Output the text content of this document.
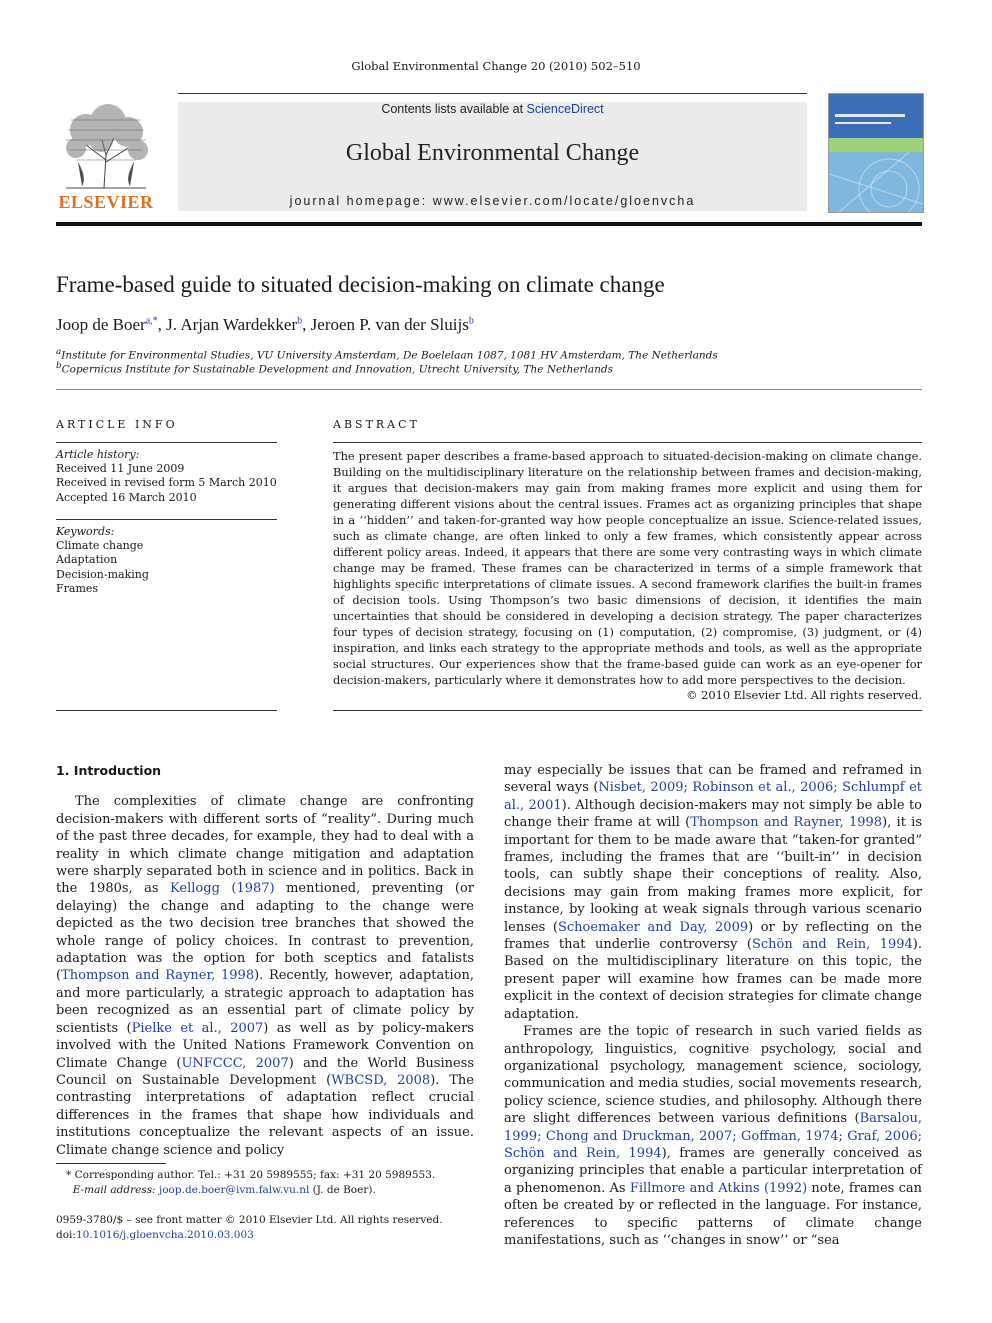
Global Environmental Change 20 (2010) 502–510
ELSEVIER
Contents lists available at ScienceDirect
Global Environmental Change
journal homepage: www.elsevier.com/locate/gloenvcha
Frame-based guide to situated decision-making on climate change
Joop de Boer$^{a,*}$, J. Arjan Wardekker$^b$, Jeroen P. van der Sluijs$^b$
$^a$Institute for Environmental Studies, VU University Amsterdam, De Boelelaan 1087, 1081 HV Amsterdam, The Netherlands
$^b$Copernicus Institute for Sustainable Development and Innovation, Utrecht University, The Netherlands
ARTICLE INFO	ABSTRACT
Article history:
Received 11 June 2009
Received in revised form 5 March 2010
Accepted 16 March 2010
Keywords:
Climate change
Adaptation
Decision-making
Frames
The present paper describes a frame-based approach to situated-decision-making on climate change. Building on the multidisciplinary literature on the relationship between frames and decision-making, it argues that decision-makers may gain from making frames more explicit and using them for generating different visions about the central issues. Frames act as organizing principles that shape in a ‘‘hidden’’ and taken-for-granted way how people conceptualize an issue. Science-related issues, such as climate change, are often linked to only a few frames, which consistently appear across different policy areas. Indeed, it appears that there are some very contrasting ways in which climate change may be framed. These frames can be characterized in terms of a simple framework that highlights specific interpretations of climate issues. A second framework clarifies the built-in frames of decision tools. Using Thompson’s two basic dimensions of decision, it identifies the main uncertainties that should be considered in developing a decision strategy. The paper characterizes four types of decision strategy, focusing on (1) computation, (2) compromise, (3) judgment, or (4) inspiration, and links each strategy to the appropriate methods and tools, as well as the appropriate social structures. Our experiences show that the frame-based guide can work as an eye-opener for decision-makers, particularly where it demonstrates how to add more perspectives to the decision.
© 2010 Elsevier Ltd. All rights reserved.
1. Introduction

The complexities of climate change are confronting decision-makers with different sorts of “reality”. During much of the past three decades, for example, they had to deal with a reality in which climate change mitigation and adaptation were sharply separated both in science and in politics. Back in the 1980s, as Kellogg (1987) mentioned, preventing (or delaying) the change and adapting to the change were depicted as the two decision tree branches that showed the whole range of policy choices. In contrast to prevention, adaptation was the option for both sceptics and fatalists (Thompson and Rayner, 1998). Recently, however, adaptation, and more particularly, a strategic approach to adaptation has been recognized as an essential part of climate policy by scientists (Pielke et al., 2007) as well as by policy-makers involved with the United Nations Framework Convention on Climate Change (UNFCCC, 2007) and the World Business Council on Sustainable Development (WBCSD, 2008). The contrasting interpretations of adaptation reflect crucial differences in the frames that shape how individuals and institutions conceptualize the relevant aspects of an issue. Climate change science and policy

may especially be issues that can be framed and reframed in several ways (Nisbet, 2009; Robinson et al., 2006; Schlumpf et al., 2001). Although decision-makers may not simply be able to change their frame at will (Thompson and Rayner, 1998), it is important for them to be made aware that “taken-for granted” frames, including the frames that are ‘‘built-in’’ in decision tools, can subtly shape their conceptions of reality. Also, decisions may gain from making frames more explicit, for instance, by looking at weak signals through various scenario lenses (Schoemaker and Day, 2009) or by reflecting on the frames that underlie controversy (Schön and Rein, 1994). Based on the multidisciplinary literature on this topic, the present paper will examine how frames can be made more explicit in the context of decision strategies for climate change adaptation.

Frames are the topic of research in such varied fields as anthropology, linguistics, cognitive psychology, social and organizational psychology, management science, sociology, communication and media studies, social movements research, policy science, science studies, and philosophy. Although there are slight differences between various definitions (Barsalou, 1999; Chong and Druckman, 2007; Goffman, 1974; Graf, 2006; Schön and Rein, 1994), frames are generally conceived as organizing principles that enable a particular interpretation of a phenomenon. As Fillmore and Atkins (1992) note, frames can often be created by or reflected in the language. For instance, references to specific patterns of climate change manifestations, such as ‘‘changes in snow’’ or “sea

* Corresponding author. Tel.: +31 20 5989555; fax: +31 20 5989553.
E-mail address: joop.de.boer@ivm.falw.vu.nl (J. de Boer).
0959-3780/$ – see front matter © 2010 Elsevier Ltd. All rights reserved.
doi:10.1016/j.gloenvcha.2010.03.003
